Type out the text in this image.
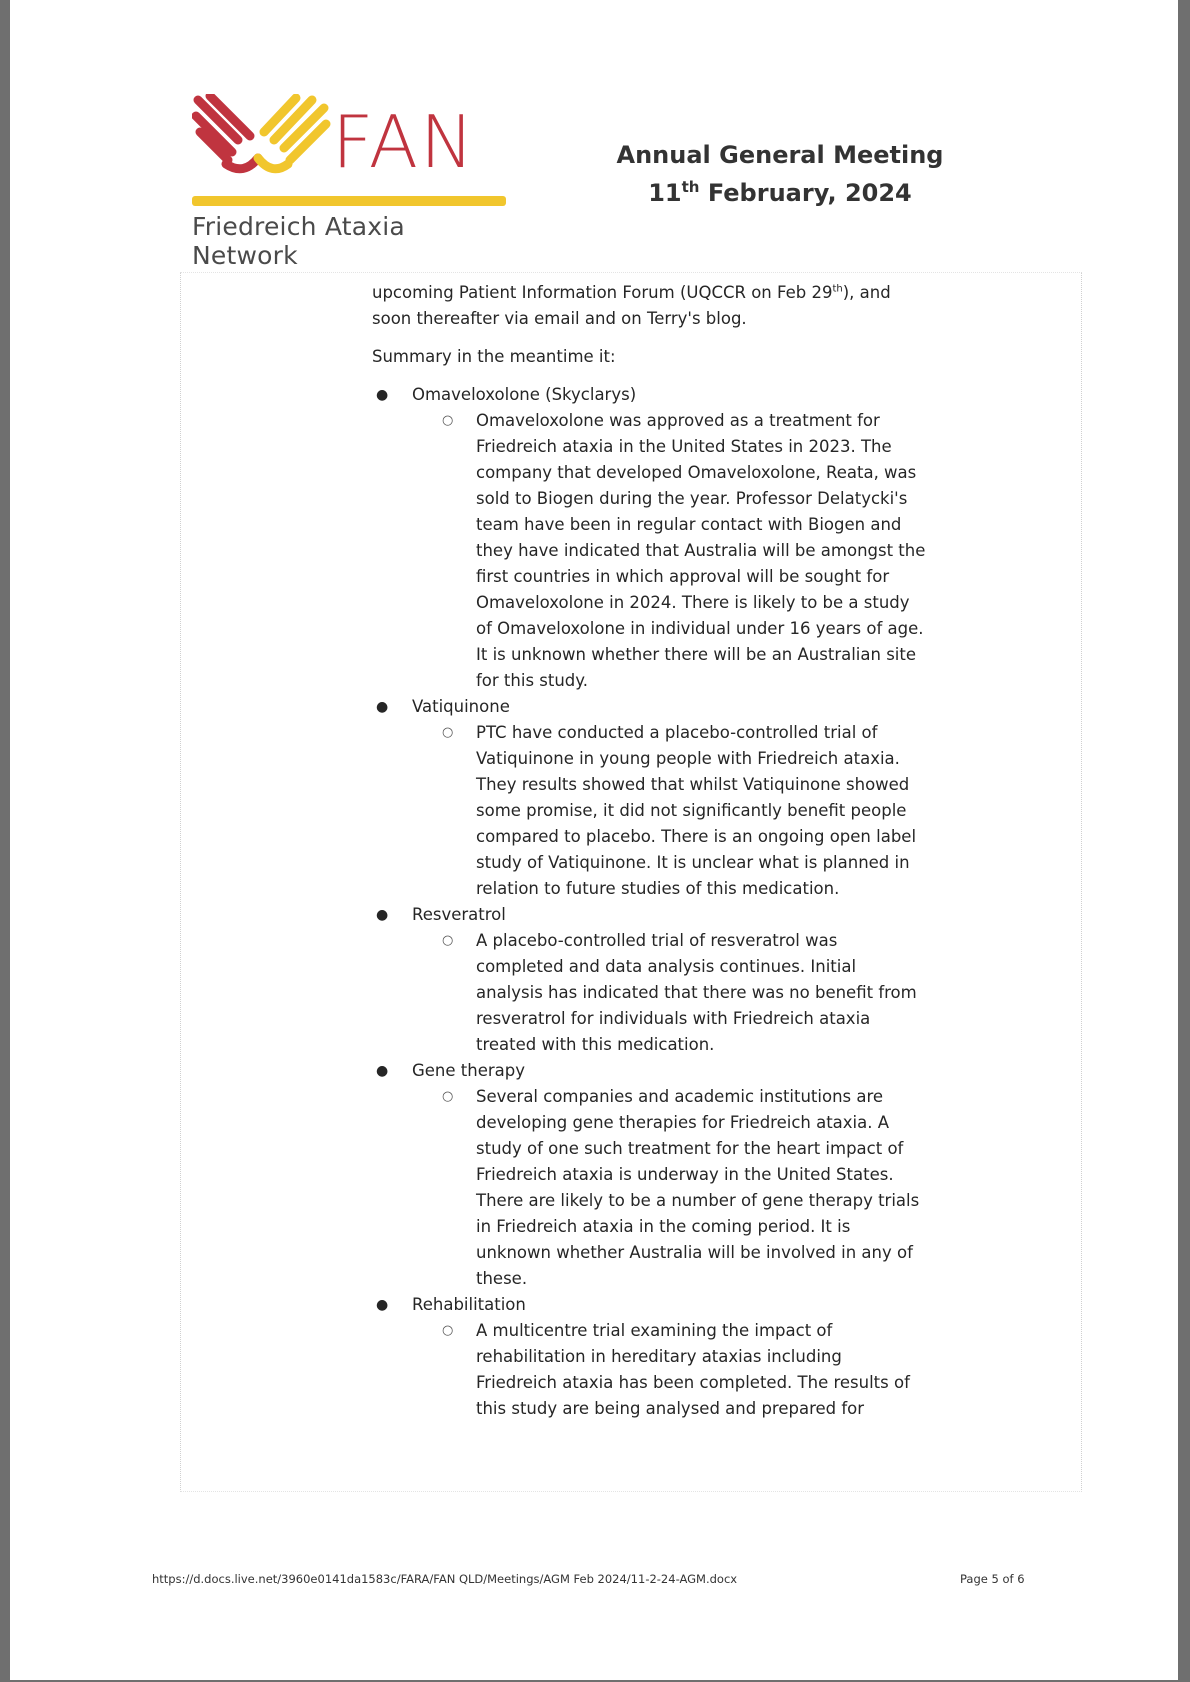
FAN
Friedreich Ataxia Network
Annual General Meeting
11th February, 2024

upcoming Patient Information Forum (UQCCR on Feb 29th), and soon thereafter via email and on Terry's blog.

Summary in the meantime it:

● Omaveloxolone (Skyclarys)
○ Omaveloxolone was approved as a treatment for Friedreich ataxia in the United States in 2023. The company that developed Omaveloxolone, Reata, was sold to Biogen during the year. Professor Delatycki's team have been in regular contact with Biogen and they have indicated that Australia will be amongst the first countries in which approval will be sought for Omaveloxolone in 2024. There is likely to be a study of Omaveloxolone in individual under 16 years of age. It is unknown whether there will be an Australian site for this study.
● Vatiquinone
○ PTC have conducted a placebo-controlled trial of Vatiquinone in young people with Friedreich ataxia. They results showed that whilst Vatiquinone showed some promise, it did not significantly benefit people compared to placebo. There is an ongoing open label study of Vatiquinone. It is unclear what is planned in relation to future studies of this medication.
● Resveratrol
○ A placebo-controlled trial of resveratrol was completed and data analysis continues. Initial analysis has indicated that there was no benefit from resveratrol for individuals with Friedreich ataxia treated with this medication.
● Gene therapy
○ Several companies and academic institutions are developing gene therapies for Friedreich ataxia. A study of one such treatment for the heart impact of Friedreich ataxia is underway in the United States. There are likely to be a number of gene therapy trials in Friedreich ataxia in the coming period. It is unknown whether Australia will be involved in any of these.
● Rehabilitation
○ A multicentre trial examining the impact of rehabilitation in hereditary ataxias including Friedreich ataxia has been completed. The results of this study are being analysed and prepared for
https://d.docs.live.net/3960e0141da1583c/FARA/FAN QLD/Meetings/AGM Feb 2024/11-2-24-AGM.docx	Page 5 of 6
